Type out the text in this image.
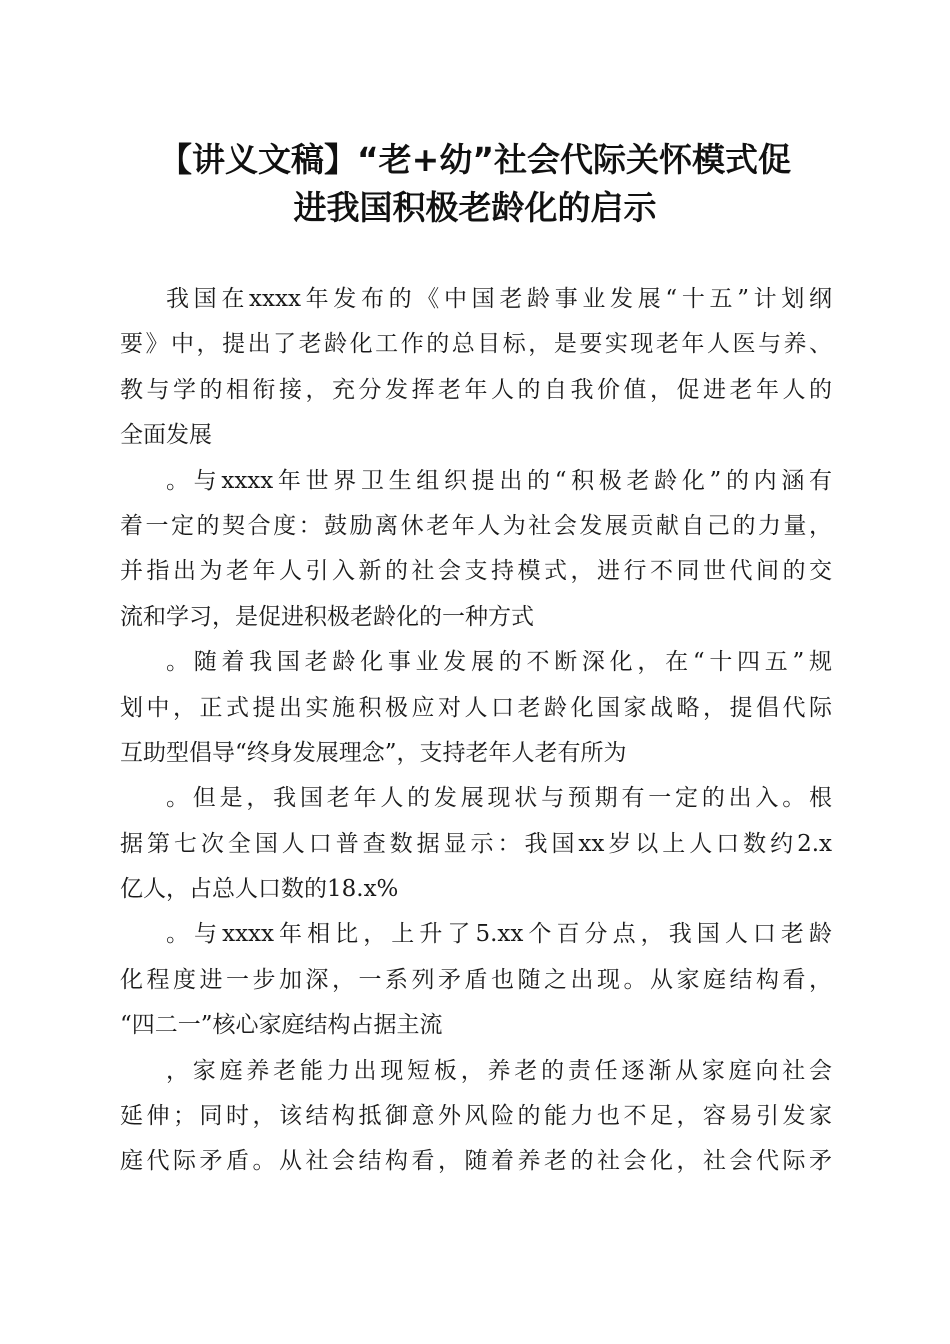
【讲义文稿】“老+幼”社会代际关怀模式促
进我国积极老龄化的启示
我国在xxxx年发布的《中国老龄事业发展“十五”计划纲
要》中，提出了老龄化工作的总目标，是要实现老年人医与养、
教与学的相衔接，充分发挥老年人的自我价值，促进老年人的
全面发展
。与xxxx年世界卫生组织提出的“积极老龄化”的内涵有
着一定的契合度：鼓励离休老年人为社会发展贡献自己的力量，
并指出为老年人引入新的社会支持模式，进行不同世代间的交
流和学习，是促进积极老龄化的一种方式
。随着我国老龄化事业发展的不断深化，在“十四五”规
划中，正式提出实施积极应对人口老龄化国家战略，提倡代际
互助型倡导“终身发展理念”，支持老年人老有所为
。但是，我国老年人的发展现状与预期有一定的出入。根
据第七次全国人口普查数据显示：我国xx岁以上人口数约2.x
亿人，占总人口数的18.x%
。与xxxx年相比，上升了5.xx个百分点，我国人口老龄
化程度进一步加深，一系列矛盾也随之出现。从家庭结构看，
“四二一”核心家庭结构占据主流
，家庭养老能力出现短板，养老的责任逐渐从家庭向社会
延伸；同时，该结构抵御意外风险的能力也不足，容易引发家
庭代际矛盾。从社会结构看，随着养老的社会化，社会代际矛
